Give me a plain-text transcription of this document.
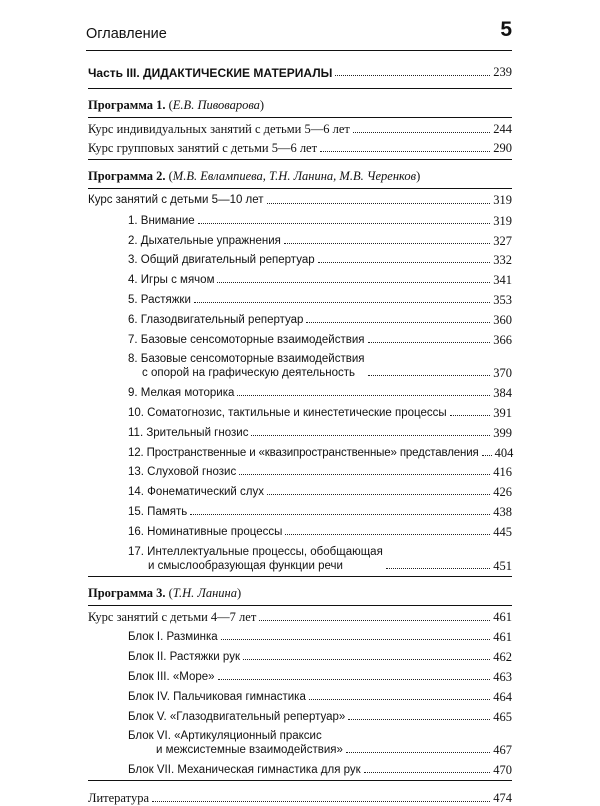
Оглавление	5
Часть III. ДИДАКТИЧЕСКИЕ МАТЕРИАЛЫ	239
Программа 1. (Е.В. Пивоварова)
Курс индивидуальных занятий с детьми 5—6 лет	244
Курс групповых занятий с детьми 5—6 лет	290
Программа 2. (М.В. Евлампиева, Т.Н. Ланина, М.В. Черенков)
Курс занятий с детьми 5—10 лет	319
1. Внимание	319
2. Дыхательные упражнения	327
3. Общий двигательный репертуар	332
4. Игры с мячом	341
5. Растяжки	353
6. Глазодвигательный репертуар	360
7. Базовые сенсомоторные взаимодействия	366
8. Базовые сенсомоторные взаимодействия
с опорой на графическую деятельность	370
9. Мелкая моторика	384
10. Соматогнозис, тактильные и кинестетические процессы	391
11. Зрительный гнозис	399
12. Пространственные и «квазипространственные» представления 404
13. Слуховой гнозис	416
14. Фонематический слух	426
15. Память	438
16. Номинативные процессы	445
17. Интеллектуальные процессы, обобщающая
и смыслообразующая функции речи	451
Программа 3. (Т.Н. Ланина)
Курс занятий с детьми 4—7 лет	461
Блок I. Разминка	461
Блок II. Растяжки рук	462
Блок III. «Море»	463
Блок IV. Пальчиковая гимнастика	464
Блок V. «Глазодвигательный репертуар»	465
Блок VI. «Артикуляционный праксис
и межсистемные взаимодействия»	467
Блок VII. Механическая гимнастика для рук	470
Литература	474
